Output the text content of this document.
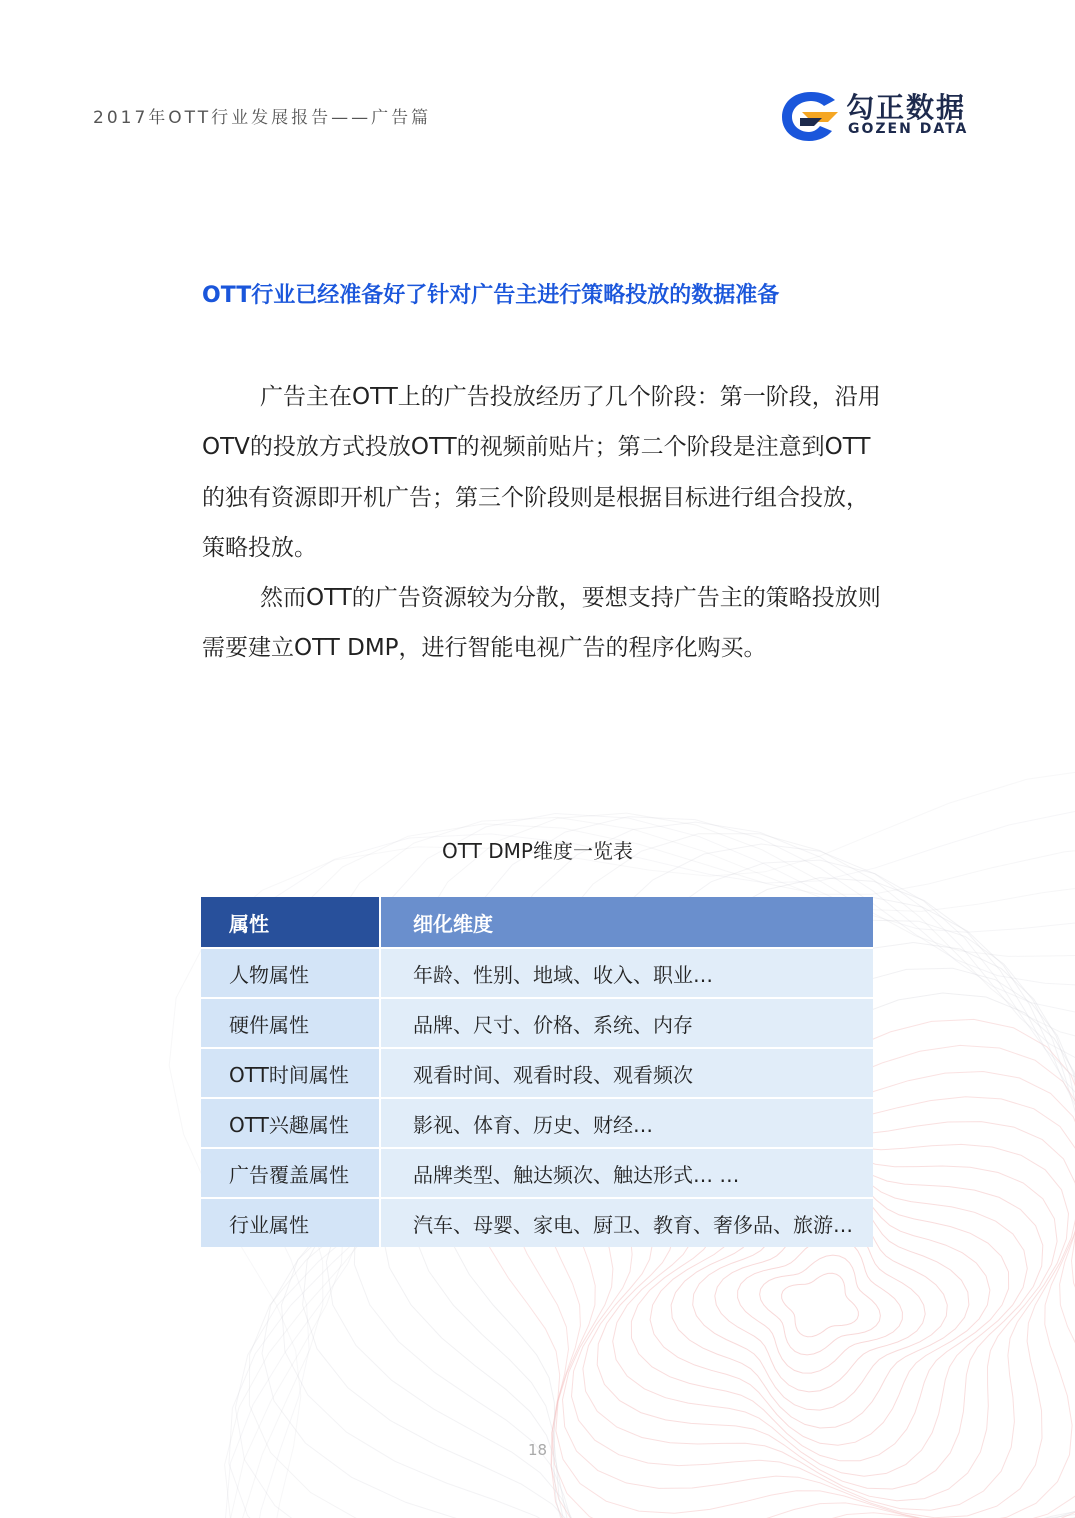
2017年OTT行业发展报告——广告篇	勾正数据
GOZEN DATA
OTT行业已经准备好了针对广告主进行策略投放的数据准备

广告主在OTT上的广告投放经历了几个阶段：第一阶段，沿用OTV的投放方式投放OTT的视频前贴片；第二个阶段是注意到OTT的独有资源即开机广告；第三个阶段则是根据目标进行组合投放，策略投放。

然而OTT的广告资源较为分散，要想支持广告主的策略投放则需要建立OTT DMP，进行智能电视广告的程序化购买。

OTT DMP维度一览表
属性	细化维度
人物属性	年龄、性别、地域、收入、职业…
硬件属性	品牌、尺寸、价格、系统、内存
OTT时间属性	观看时间、观看时段、观看频次
OTT兴趣属性	影视、体育、历史、财经…
广告覆盖属性	品牌类型、触达频次、触达形式… …
行业属性	汽车、母婴、家电、厨卫、教育、奢侈品、旅游…
18
